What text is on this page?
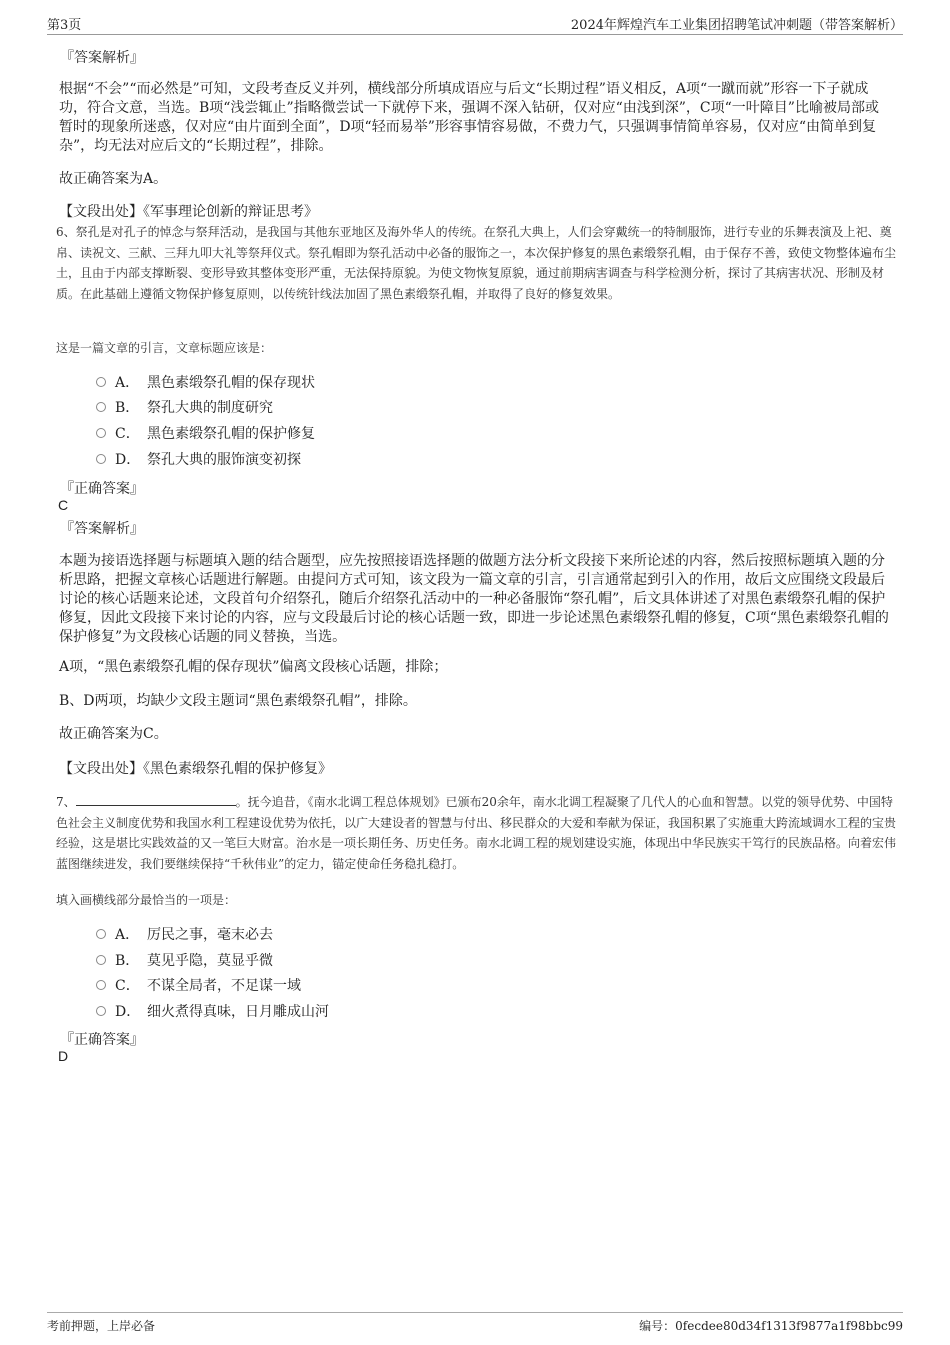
第3页	2024年辉煌汽车工业集团招聘笔试冲刺题（带答案解析）
『答案解析』
根据“不会”“而必然是”可知，文段考查反义并列，横线部分所填成语应与后文“长期过程”语义相反，A项“一蹴而就”形容一下子就成功，符合文意，当选。B项“浅尝辄止”指略微尝试一下就停下来，强调不深入钻研，仅对应“由浅到深”，C项“一叶障目”比喻被局部或暂时的现象所迷惑，仅对应“由片面到全面”，D项“轻而易举”形容事情容易做，不费力气，只强调事情简单容易，仅对应“由简单到复杂”，均无法对应后文的“长期过程”，排除。
故正确答案为A。
【文段出处】《军事理论创新的辩证思考》
6、祭孔是对孔子的悼念与祭拜活动，是我国与其他东亚地区及海外华人的传统。在祭孔大典上，人们会穿戴统一的特制服饰，进行专业的乐舞表演及上祀、奠帛、读祝文、三献、三拜九叩大礼等祭拜仪式。祭孔帽即为祭孔活动中必备的服饰之一，本次保护修复的黑色素缎祭孔帽，由于保存不善，致使文物整体遍布尘土，且由于内部支撑断裂、变形导致其整体变形严重，无法保持原貌。为使文物恢复原貌，通过前期病害调查与科学检测分析，探讨了其病害状况、形制及材质。在此基础上遵循文物保护修复原则，以传统针线法加固了黑色素缎祭孔帽，并取得了良好的修复效果。
这是一篇文章的引言，文章标题应该是：
A． 黑色素缎祭孔帽的保存现状
B． 祭孔大典的制度研究
C． 黑色素缎祭孔帽的保护修复
D． 祭孔大典的服饰演变初探
『正确答案』
C
『答案解析』
本题为接语选择题与标题填入题的结合题型，应先按照接语选择题的做题方法分析文段接下来所论述的内容，然后按照标题填入题的分析思路，把握文章核心话题进行解题。由提问方式可知，该文段为一篇文章的引言，引言通常起到引入的作用，故后文应围绕文段最后讨论的核心话题来论述，文段首句介绍祭孔，随后介绍祭孔活动中的一种必备服饰“祭孔帽”，后文具体讲述了对黑色素缎祭孔帽的保护修复，因此文段接下来讨论的内容，应与文段最后讨论的核心话题一致，即进一步论述黑色素缎祭孔帽的修复，C项“黑色素缎祭孔帽的保护修复”为文段核心话题的同义替换，当选。
A项，“黑色素缎祭孔帽的保存现状”偏离文段核心话题，排除；
B、D两项，均缺少文段主题词“黑色素缎祭孔帽”，排除。
故正确答案为C。
【文段出处】《黑色素缎祭孔帽的保护修复》
7、	。抚今追昔，《南水北调工程总体规划》已颁布20余年，南水北调工程凝聚了几代人的心血和智慧。以党的领导优势、中国特色社会主义制度优势和我国水利工程建设优势为依托，以广大建设者的智慧与付出、移民群众的大爱和奉献为保证，我国积累了实施重大跨流域调水工程的宝贵经验，这是堪比实践效益的又一笔巨大财富。治水是一项长期任务、历史任务。南水北调工程的规划建设实施，体现出中华民族实干笃行的民族品格。向着宏伟蓝图继续进发，我们要继续保持“千秋伟业”的定力，锚定使命任务稳扎稳打。
填入画横线部分最恰当的一项是：
A． 厉民之事，毫末必去
B． 莫见乎隐，莫显乎微
C． 不谋全局者，不足谋一域
D． 细火煮得真味，日月雕成山河
『正确答案』
D
考前押题，上岸必备	编号：0fecdee80d34f1313f9877a1f98bbc99
